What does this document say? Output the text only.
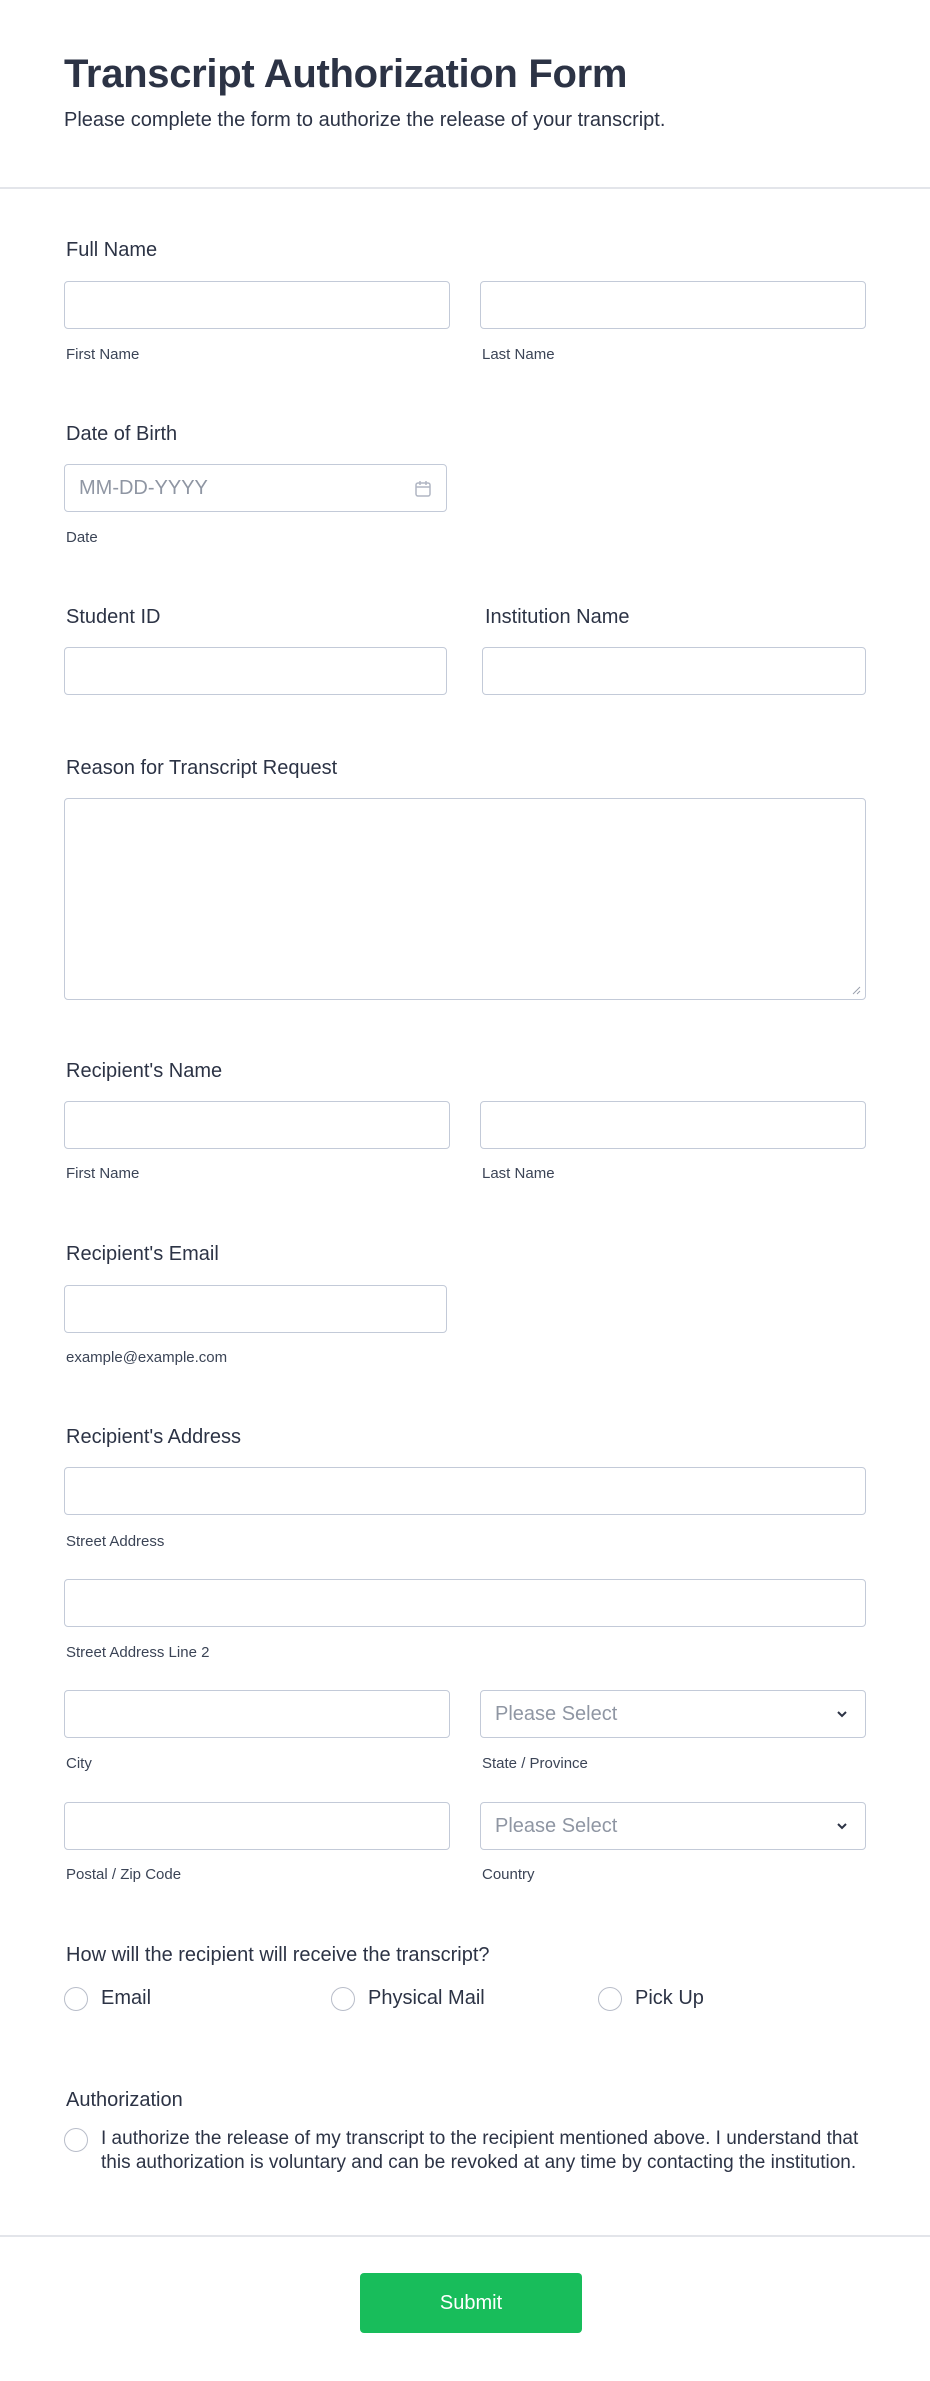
Transcript Authorization Form
Please complete the form to authorize the release of your transcript.
Full Name
First Name	Last Name
Date of Birth
MM-DD-YYYY
Date
Student ID	Institution Name
Reason for Transcript Request
Recipient's Name
First Name	Last Name
Recipient's Email
example@example.com
Recipient's Address
Street Address
Street Address Line 2
Please Select
City	State / Province
Please Select
Postal / Zip Code	Country
How will the recipient will receive the transcript?
Email	Physical Mail	Pick Up
Authorization
I authorize the release of my transcript to the recipient mentioned above. I understand that this authorization is voluntary and can be revoked at any time by contacting the institution.
Submit
